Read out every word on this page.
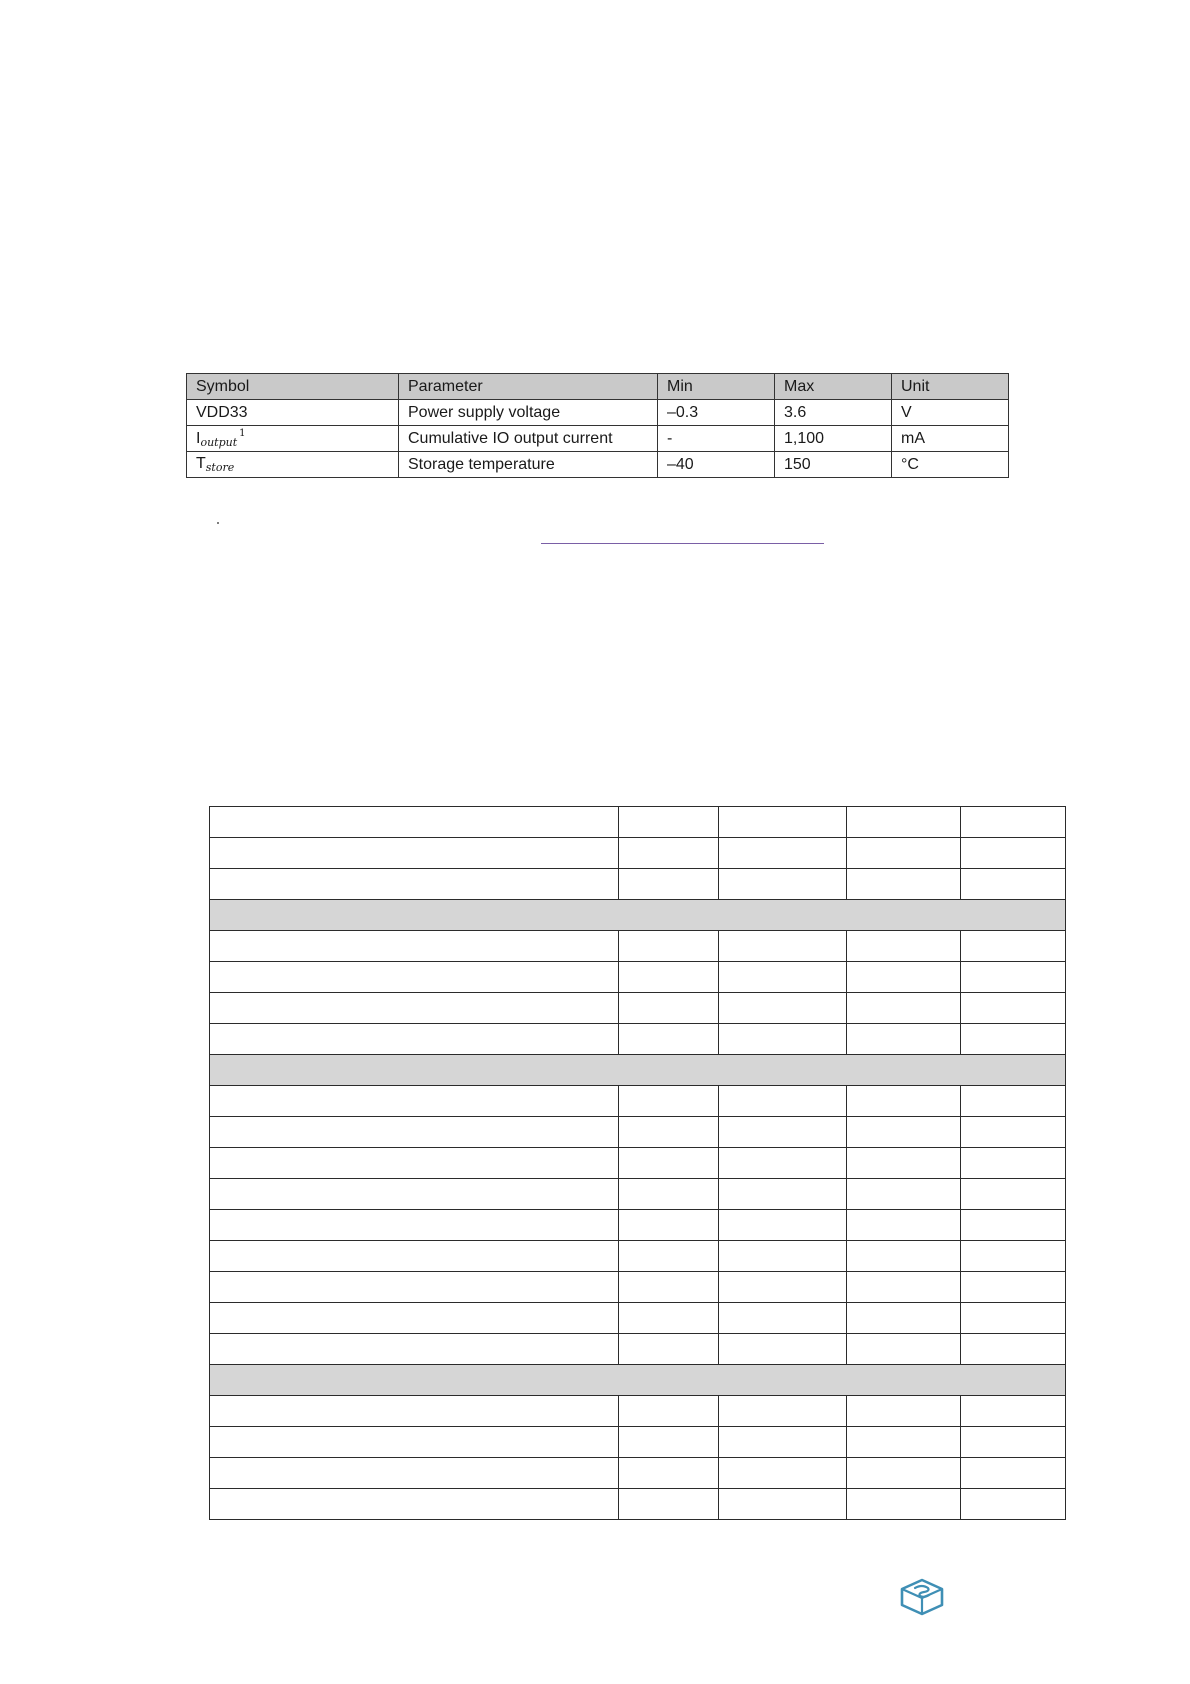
Symbol	Parameter	Min	Max	Unit
VDD33	Power supply voltage	–0.3	3.6	V
$I_{output}^1$	Cumulative IO output current	-	1,100	mA
$T_{store}$	Storage temperature	–40	150	°C
